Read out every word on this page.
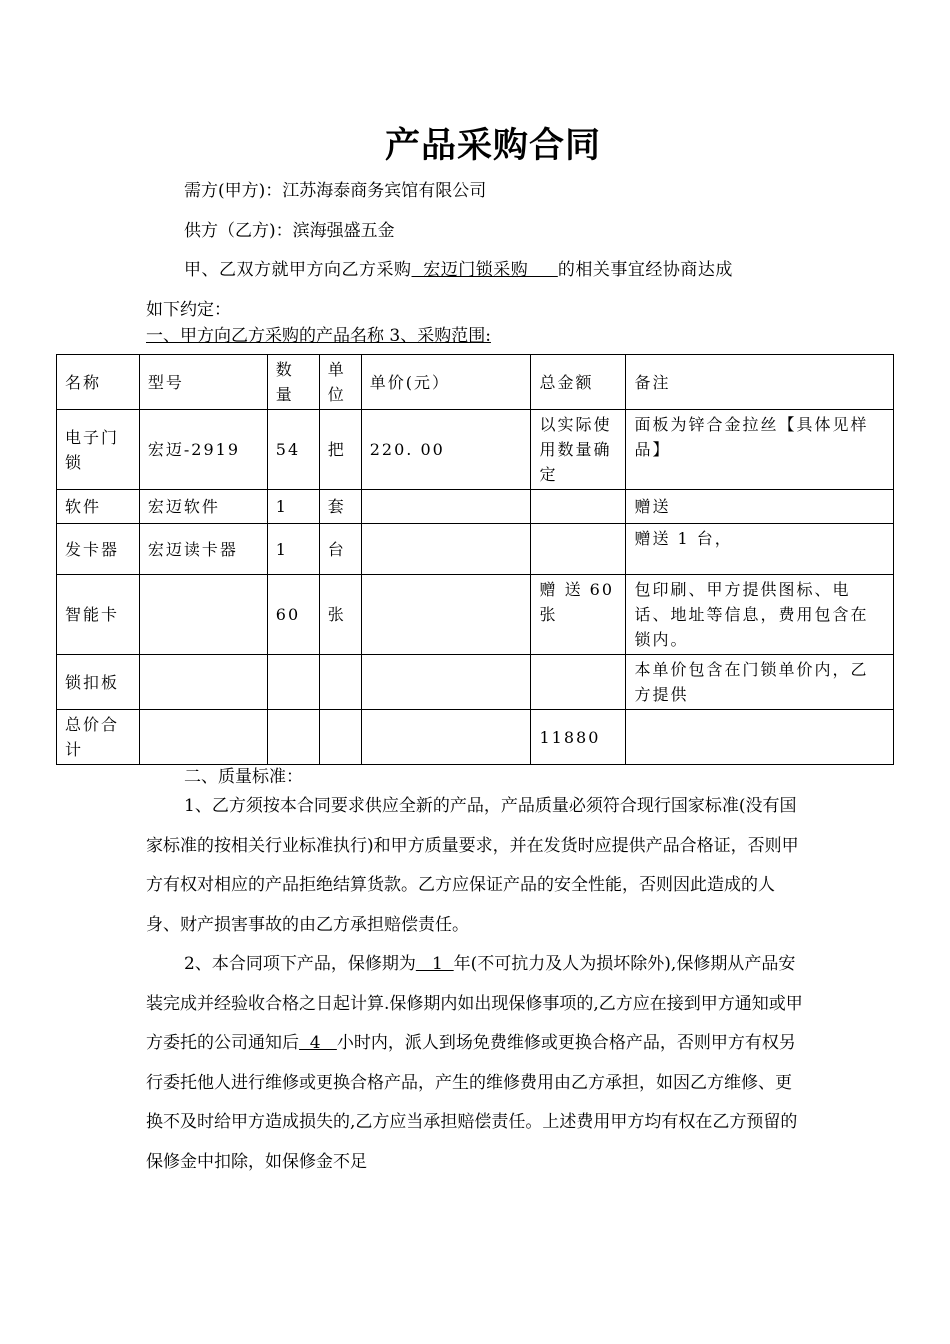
产品采购合同
需方(甲方)：江苏海泰商务宾馆有限公司
供方（乙方)：滨海强盛五金
甲、乙双方就甲方向乙方采购  宏迈门锁采购     的相关事宜经协商达成
如下约定：
一、甲方向乙方采购的产品名称 3、采购范围:
名称	型号	数量	单位	单价(元）	总金额	备注
电子门锁	宏迈-2919	54	把	220. 00	以实际使用数量确定	面板为锌合金拉丝【具体见样品】
软件	宏迈软件	1	套			赠送
发卡器	宏迈读卡器	1	台			赠送 1 台，
智能卡		60	张		赠 送 60 张	包印刷、甲方提供图标、电话、地址等信息，费用包含在锁内。
锁扣板						本单价包含在门锁单价内，乙方提供
总价合计					11880	
二、质量标准：
1、乙方须按本合同要求供应全新的产品，产品质量必须符合现行国家标准(没有国家标准的按相关行业标准执行)和甲方质量要求，并在发货时应提供产品合格证，否则甲方有权对相应的产品拒绝结算货款。乙方应保证产品的安全性能，否则因此造成的人身、财产损害事故的由乙方承担赔偿责任。
2、本合同项下产品，保修期为   1  年(不可抗力及人为损坏除外),保修期从产品安装完成并经验收合格之日起计算.保修期内如出现保修事项的,乙方应在接到甲方通知或甲方委托的公司通知后  4   小时内，派人到场免费维修或更换合格产品，否则甲方有权另行委托他人进行维修或更换合格产品，产生的维修费用由乙方承担，如因乙方维修、更换不及时给甲方造成损失的,乙方应当承担赔偿责任。上述费用甲方均有权在乙方预留的保修金中扣除，如保修金不足
